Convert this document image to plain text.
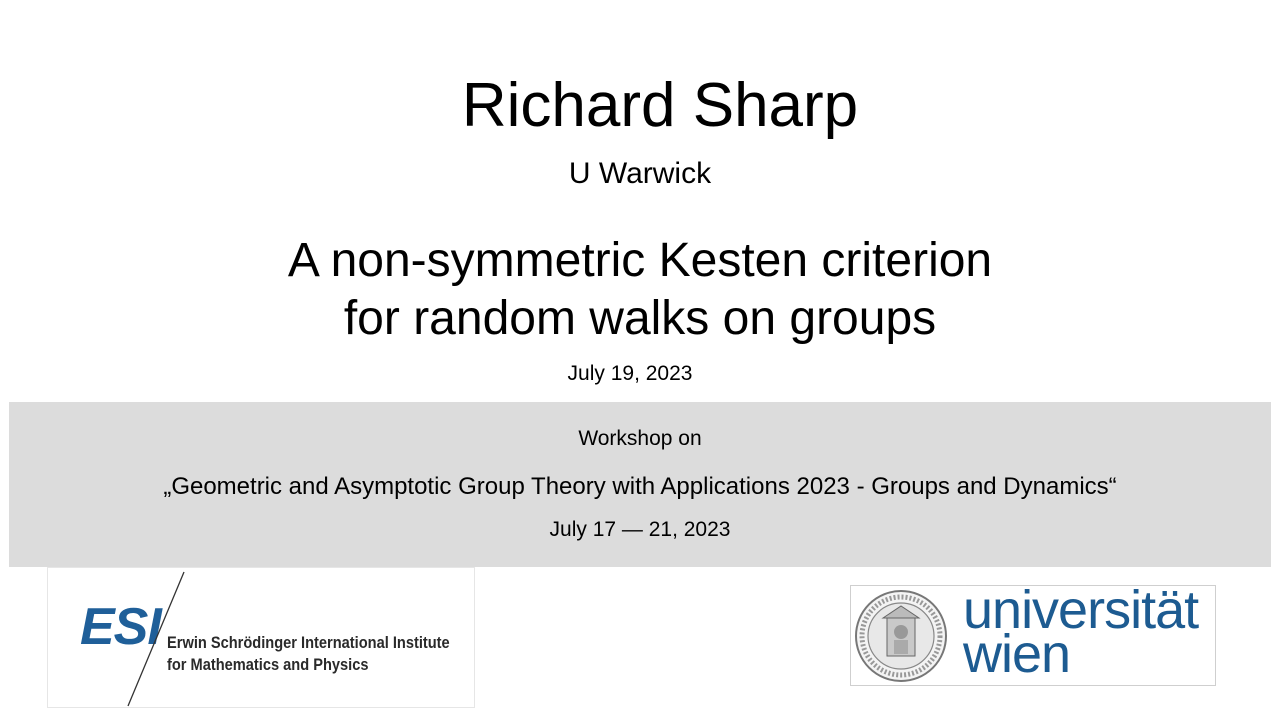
Richard Sharp
U Warwick
A non-symmetric Kesten criterion
for random walks on groups
July 19, 2023
Workshop on
„Geometric and Asymptotic Group Theory with Applications 2023 - Groups and Dynamics“
July 17 — 21, 2023
ESI Erwin Schrödinger International Institute
for Mathematics and Physics
universität
wien
